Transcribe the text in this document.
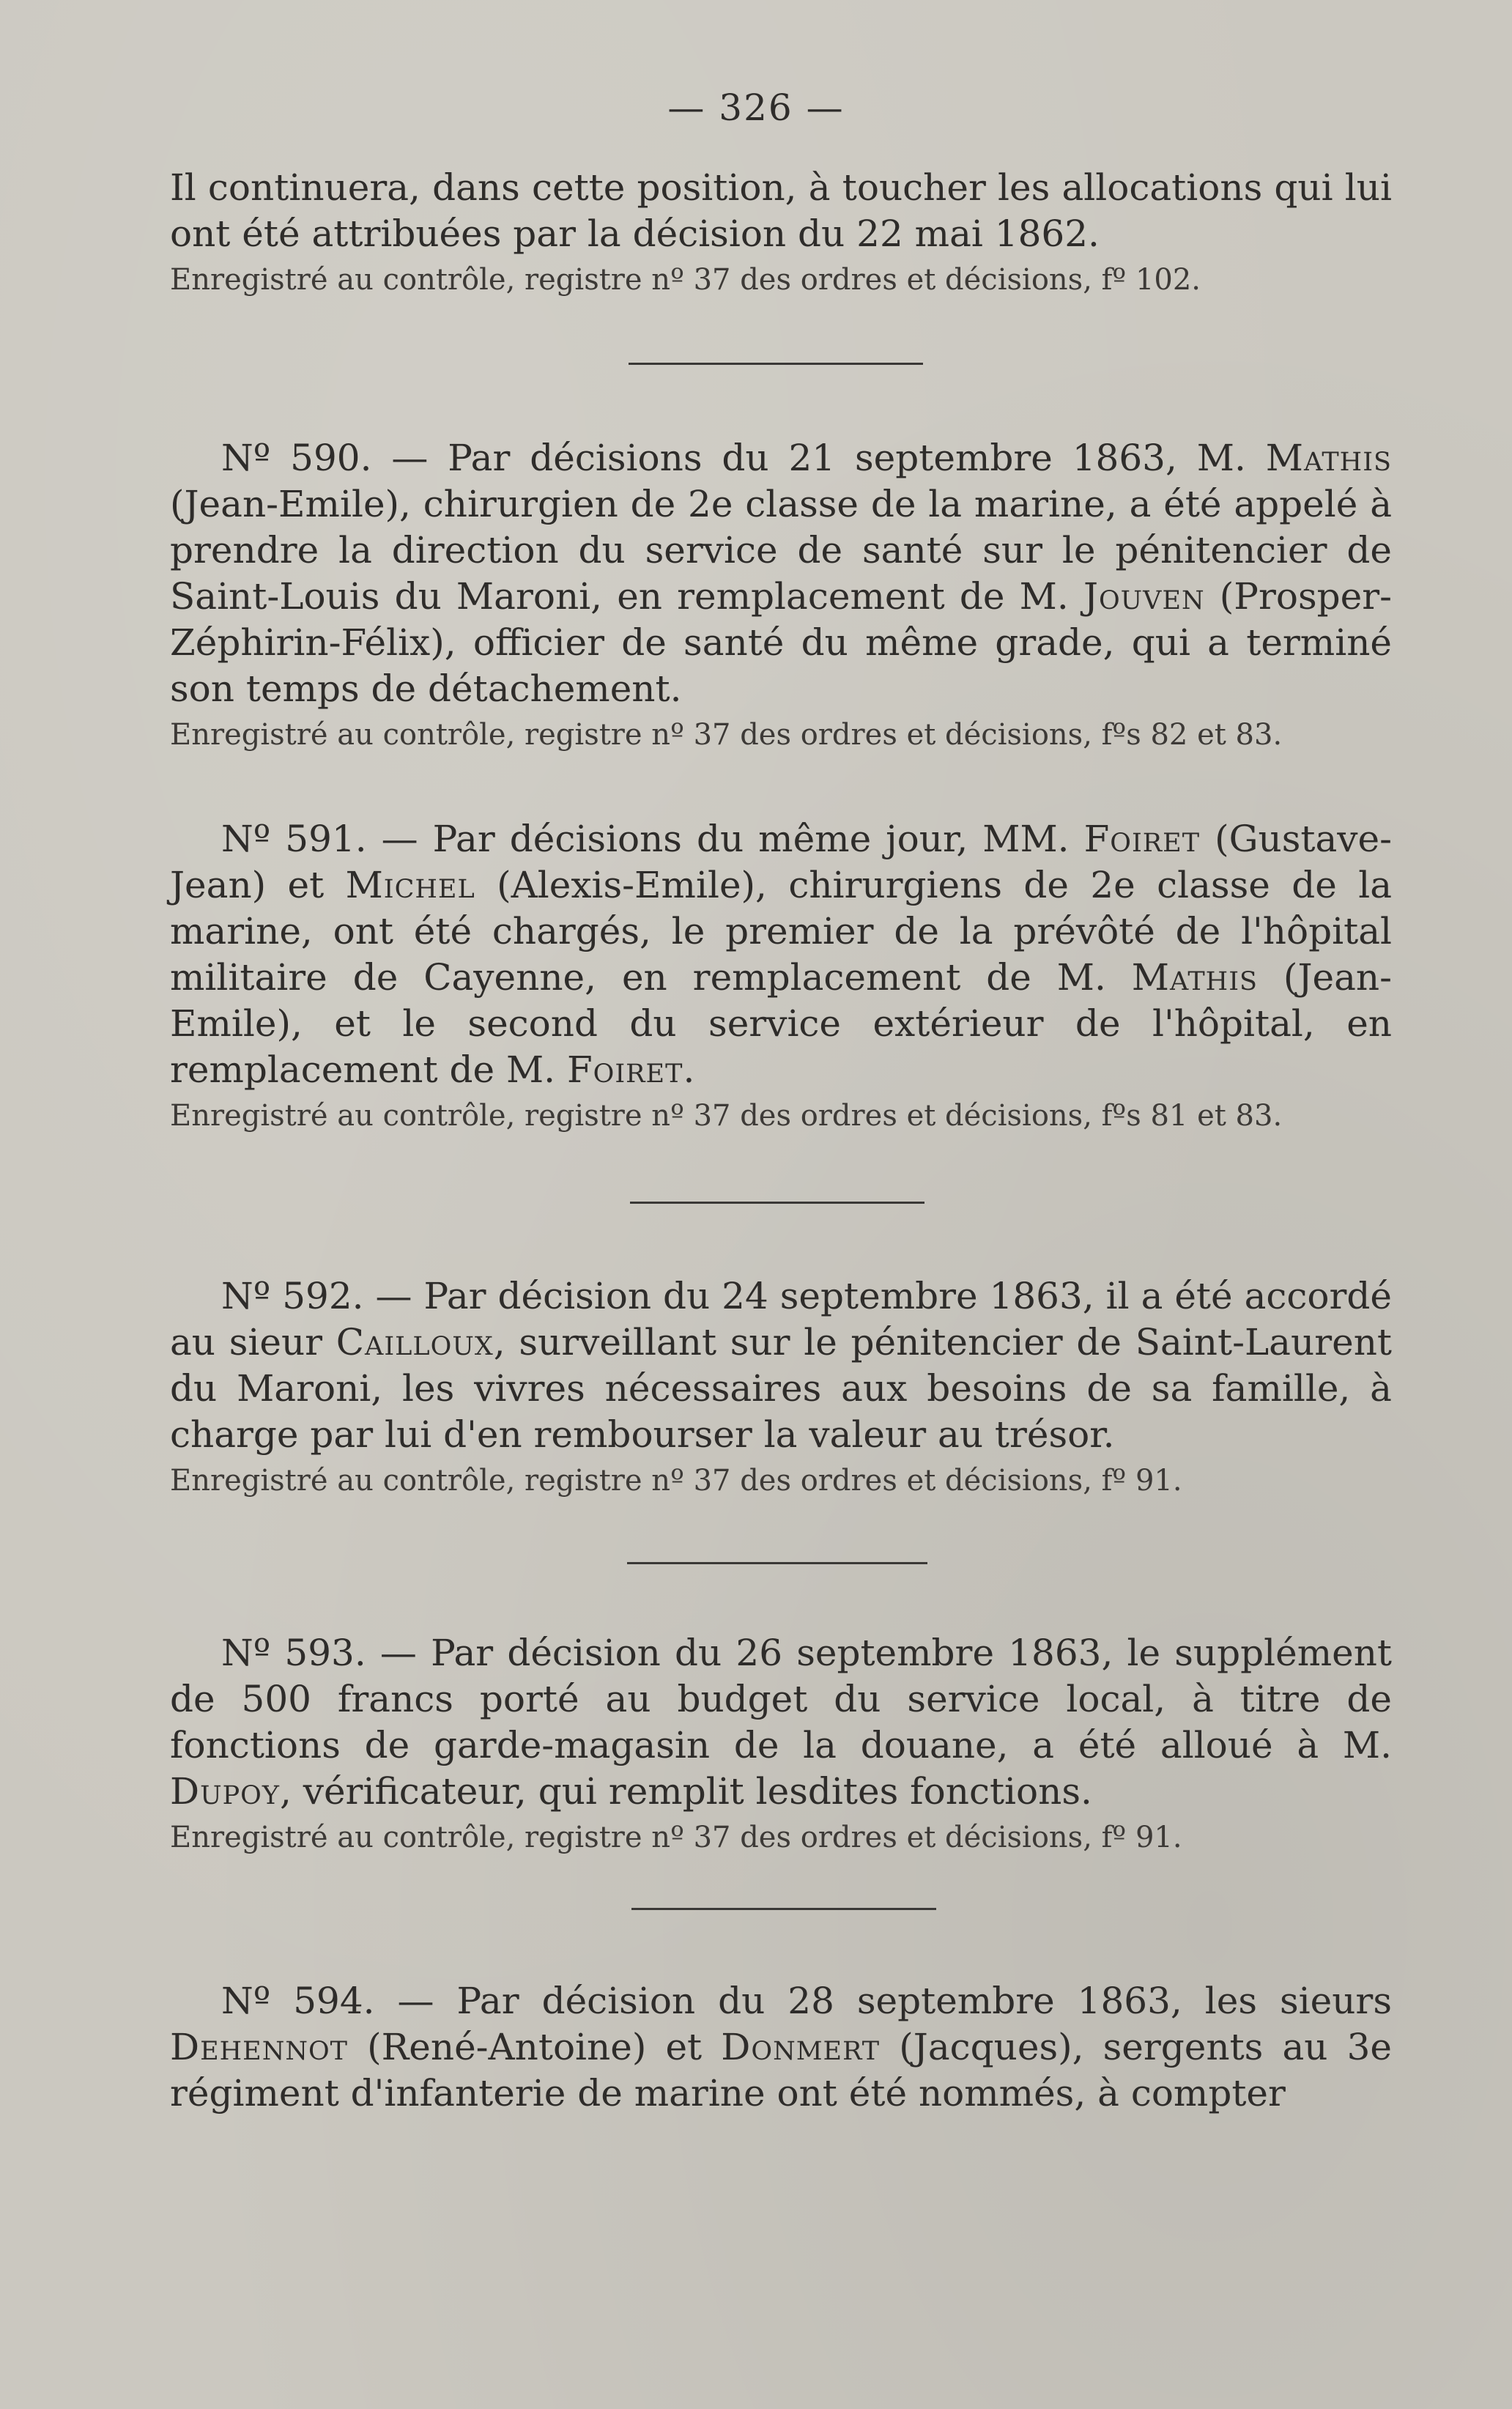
— 326 —

Il continuera, dans cette position, à toucher les allocations qui lui ont été attribuées par la décision du 22 mai 1862.

Enregistré au contrôle, registre nº 37 des ordres et décisions, fº 102.

Nº 590. — Par décisions du 21 septembre 1863, M. Mathis (Jean-Emile), chirurgien de 2e classe de la marine, a été appelé à prendre la direction du service de santé sur le pénitencier de Saint-Louis du Maroni, en remplacement de M. Jouven (Prosper-Zéphirin-Félix), officier de santé du même grade, qui a terminé son temps de détachement.

Enregistré au contrôle, registre nº 37 des ordres et décisions, fºs 82 et 83.

Nº 591. — Par décisions du même jour, MM. Foiret (Gustave-Jean) et Michel (Alexis-Emile), chirurgiens de 2e classe de la marine, ont été chargés, le premier de la prévôté de l'hôpital militaire de Cayenne, en remplacement de M. Mathis (Jean-Emile), et le second du service extérieur de l'hôpital, en remplacement de M. Foiret.

Enregistré au contrôle, registre nº 37 des ordres et décisions, fºs 81 et 83.

Nº 592. — Par décision du 24 septembre 1863, il a été accordé au sieur Cailloux, surveillant sur le pénitencier de Saint-Laurent du Maroni, les vivres nécessaires aux besoins de sa famille, à charge par lui d'en rembourser la valeur au trésor.

Enregistré au contrôle, registre nº 37 des ordres et décisions, fº 91.

Nº 593. — Par décision du 26 septembre 1863, le supplément de 500 francs porté au budget du service local, à titre de fonctions de garde-magasin de la douane, a été alloué à M. Dupoy, vérificateur, qui remplit lesdites fonctions.

Enregistré au contrôle, registre nº 37 des ordres et décisions, fº 91.

Nº 594. — Par décision du 28 septembre 1863, les sieurs Dehennot (René-Antoine) et Donmert (Jacques), sergents au 3e régiment d'infanterie de marine ont été nommés, à compter
